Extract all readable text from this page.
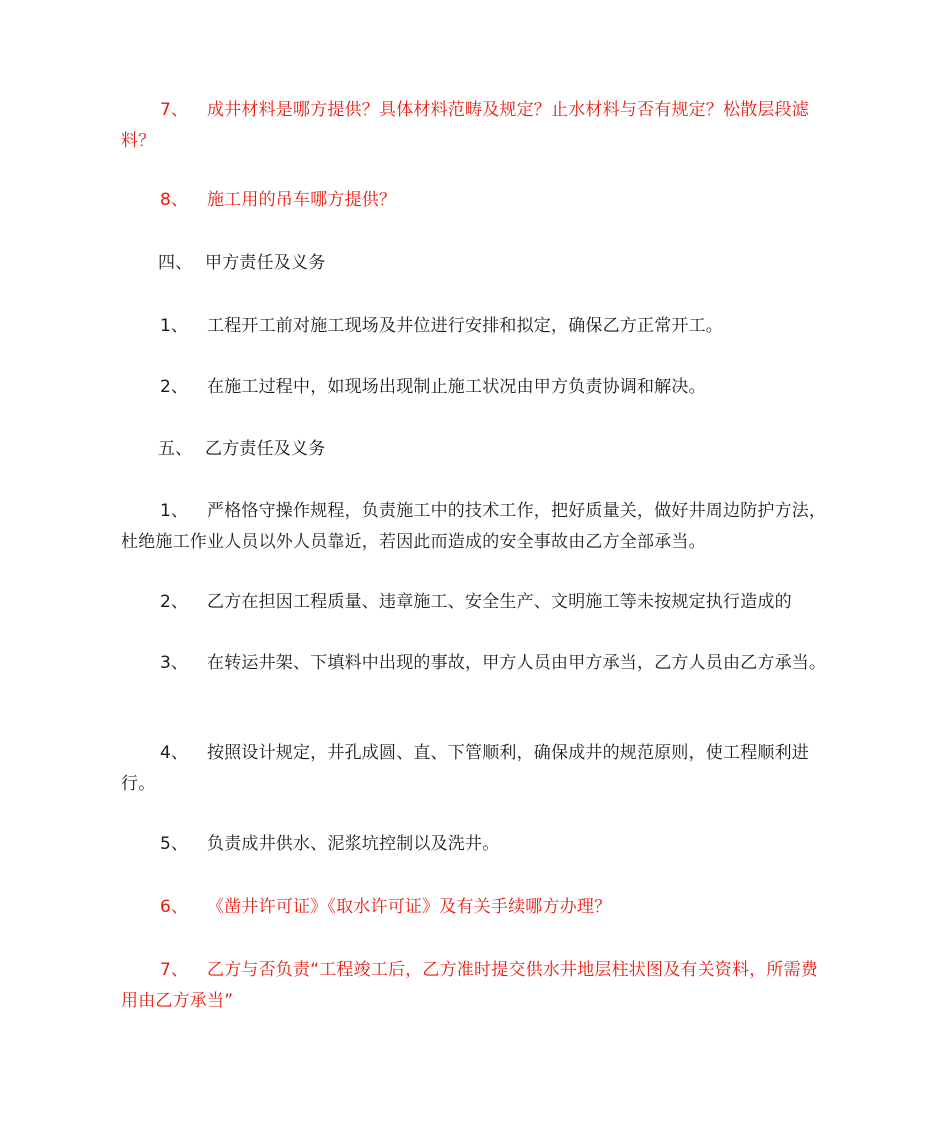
7、 成井材料是哪方提供？具体材料范畴及规定？止水材料与否有规定？松散层段滤料？

8、 施工用的吊车哪方提供？

四、 甲方责任及义务

1、 工程开工前对施工现场及井位进行安排和拟定，确保乙方正常开工。

2、 在施工过程中，如现场出现制止施工状况由甲方负责协调和解决。

五、 乙方责任及义务

1、 严格恪守操作规程，负责施工中的技术工作，把好质量关，做好井周边防护方法，杜绝施工作业人员以外人员靠近，若因此而造成的安全事故由乙方全部承当。

2、 乙方在担因工程质量、违章施工、安全生产、文明施工等未按规定执行造成的

3、 在转运井架、下填料中出现的事故，甲方人员由甲方承当，乙方人员由乙方承当。

4、 按照设计规定，井孔成圆、直、下管顺利，确保成井的规范原则，使工程顺利进行。

5、 负责成井供水、泥浆坑控制以及洗井。

6、 《凿井许可证》《取水许可证》及有关手续哪方办理？

7、 乙方与否负责“工程竣工后，乙方准时提交供水井地层柱状图及有关资料，所需费用由乙方承当”
